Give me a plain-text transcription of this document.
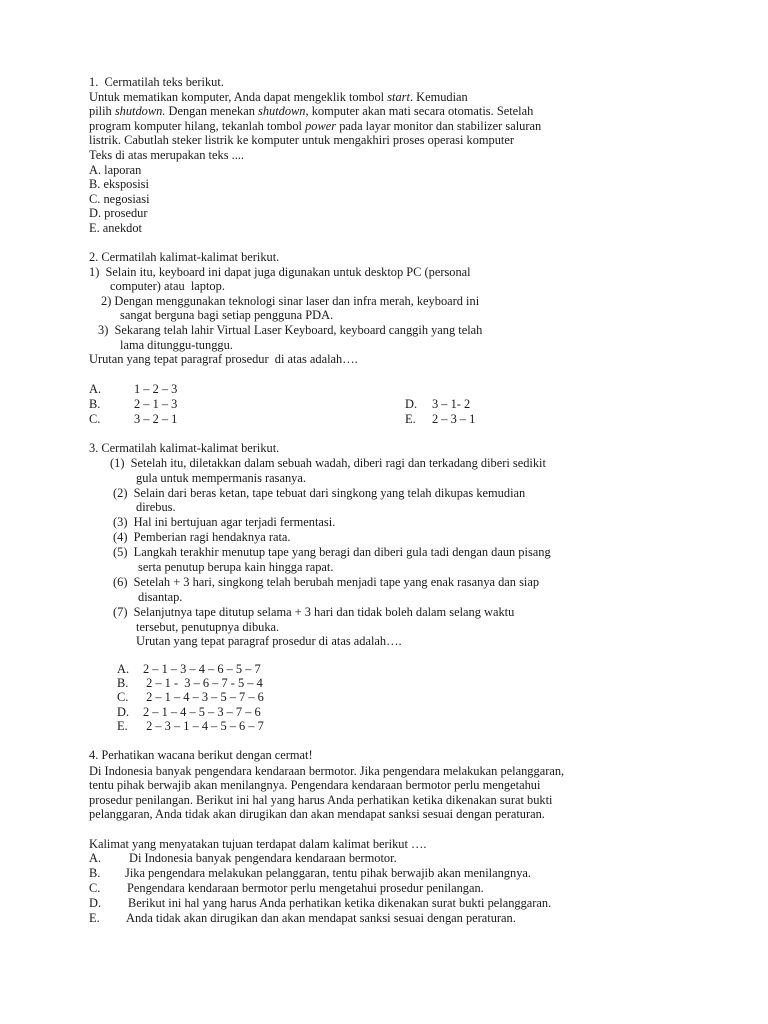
1.  Cermatilah teks berikut.
Untuk mematikan komputer, Anda dapat mengeklik tombol start. Kemudian
pilih shutdown. Dengan menekan shutdown, komputer akan mati secara otomatis. Setelah
program komputer hilang, tekanlah tombol power pada layar monitor dan stabilizer saluran
listrik. Cabutlah steker listrik ke komputer untuk mengakhiri proses operasi komputer
Teks di atas merupakan teks ....
A. laporan
B. eksposisi
C. negosiasi
D. prosedur
E. anekdot
2. Cermatilah kalimat-kalimat berikut.
1)  Selain itu, keyboard ini dapat juga digunakan untuk desktop PC (personal
computer) atau  laptop.
2) Dengan menggunakan teknologi sinar laser dan infra merah, keyboard ini
sangat berguna bagi setiap pengguna PDA.
3)  Sekarang telah lahir Virtual Laser Keyboard, keyboard canggih yang telah
lama ditunggu-tunggu.
Urutan yang tepat paragraf prosedur  di atas adalah….
A.	1 – 2 – 3
B.	2 – 1 – 3
C.	3 – 2 – 1
D. 3 – 1- 2
E. 2 – 3 – 1
3. Cermatilah kalimat-kalimat berikut.
(1)  Setelah itu, diletakkan dalam sebuah wadah, diberi ragi dan terkadang diberi sedikit
gula untuk mempermanis rasanya.
(2)  Selain dari beras ketan, tape tebuat dari singkong yang telah dikupas kemudian
direbus.
(3)  Hal ini bertujuan agar terjadi fermentasi.
(4)  Pemberian ragi hendaknya rata.
(5)  Langkah terakhir menutup tape yang beragi dan diberi gula tadi dengan daun pisang
serta penutup berupa kain hingga rapat.
(6)  Setelah + 3 hari, singkong telah berubah menjadi tape yang enak rasanya dan siap
disantap.
(7)  Selanjutnya tape ditutup selama + 3 hari dan tidak boleh dalam selang waktu
tersebut, penutupnya dibuka.
Urutan yang tepat paragraf prosedur di atas adalah….
A. 2 – 1 – 3 – 4 – 6 – 5 – 7
B. 2 – 1 -  3 – 6 – 7 - 5 – 4
C. 2 – 1 – 4 – 3 – 5 – 7 – 6
D. 2 – 1 – 4 – 5 – 3 – 7 – 6
E. 2 – 3 – 1 – 4 – 5 – 6 – 7
4. Perhatikan wacana berikut dengan cermat!
Di Indonesia banyak pengendara kendaraan bermotor. Jika pengendara melakukan pelanggaran,
tentu pihak berwajib akan menilangnya. Pengendara kendaraan bermotor perlu mengetahui
prosedur penilangan. Berikut ini hal yang harus Anda perhatikan ketika dikenakan surat bukti
pelanggaran, Anda tidak akan dirugikan dan akan mendapat sanksi sesuai dengan peraturan.
Kalimat yang menyatakan tujuan terdapat dalam kalimat berikut ….
A. Di Indonesia banyak pengendara kendaraan bermotor.
B. Jika pengendara melakukan pelanggaran, tentu pihak berwajib akan menilangnya.
C. Pengendara kendaraan bermotor perlu mengetahui prosedur penilangan.
D. Berikut ini hal yang harus Anda perhatikan ketika dikenakan surat bukti pelanggaran.
E. Anda tidak akan dirugikan dan akan mendapat sanksi sesuai dengan peraturan.
